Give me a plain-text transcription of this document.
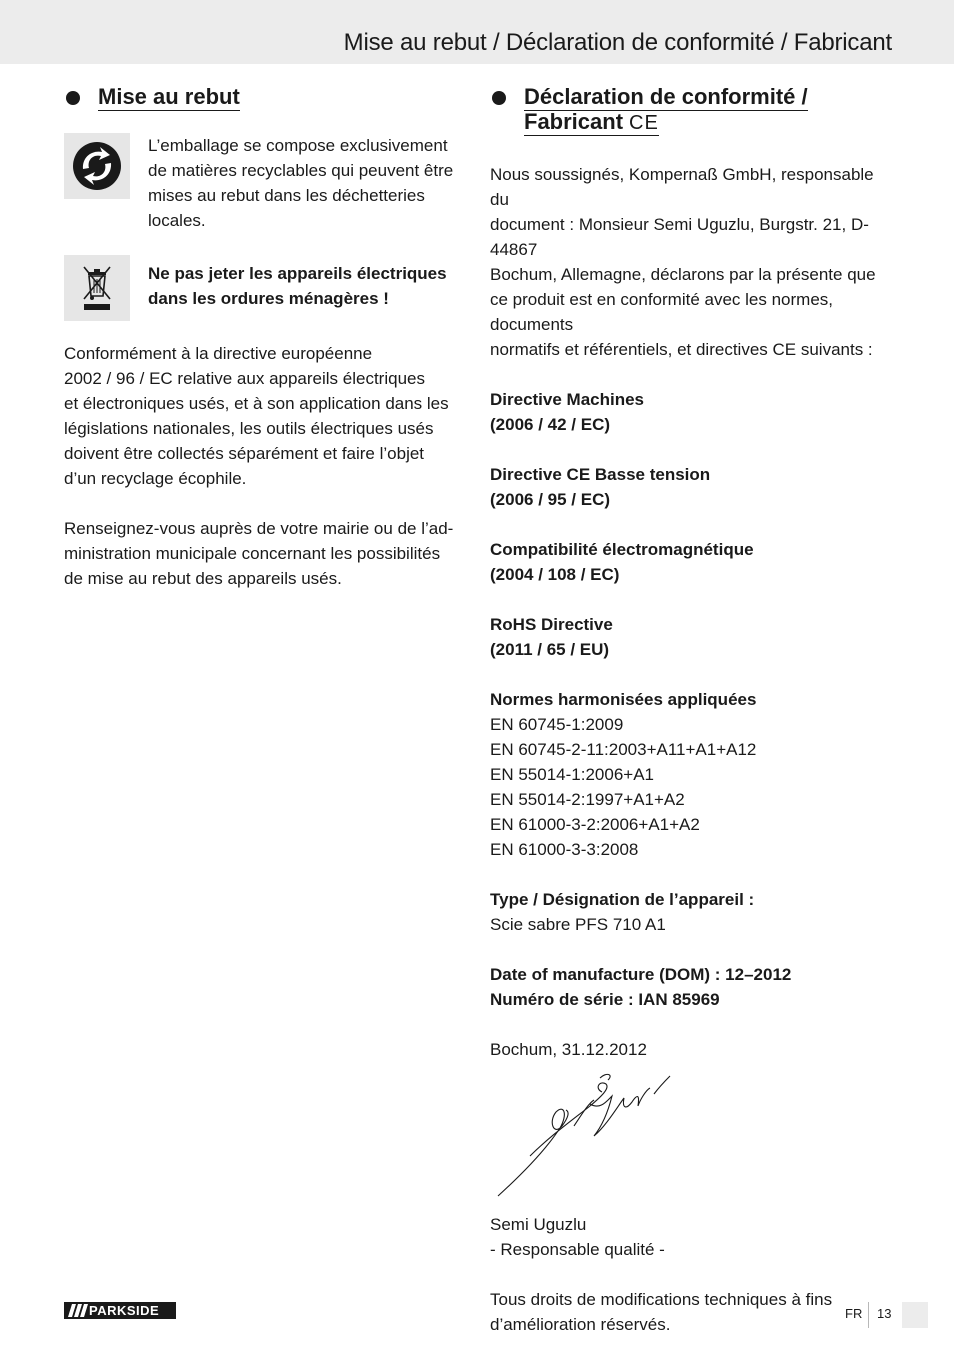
Mise au rebut / Déclaration de conformité / Fabricant
Mise au rebut

L’emballage se compose exclusivement

de matières recyclables qui peuvent être

mises au rebut dans les déchetteries

locales.

Ne pas jeter les appareils électriques

dans les ordures ménagères !

Conformément à la directive européenne

2002 / 96 / EC relative aux appareils électriques

et électroniques usés, et à son application dans les

législations nationales, les outils électriques usés

doivent être collectés séparément et faire l’objet

d’un recyclage écophile.

Renseignez-vous auprès de votre mairie ou de l’ad-

ministration municipale concernant les possibilités

de mise au rebut des appareils usés.

Déclaration de conformité /
Fabricant CE

Nous soussignés, Kompernaß GmbH, responsable du

document : Monsieur Semi Uguzlu, Burgstr. 21, D-44867

Bochum, Allemagne, déclarons par la présente que

ce produit est en conformité avec les normes, documents

normatifs et référentiels, et directives CE suivants :

Directive Machines

(2006 / 42 / EC)

Directive CE Basse tension

(2006 / 95 / EC)

Compatibilité électromagnétique

(2004 / 108 / EC)

RoHS Directive

(2011 / 65 / EU)

Normes harmonisées appliquées

EN 60745-1:2009

EN 60745-2-11:2003+A11+A1+A12

EN 55014-1:2006+A1

EN 55014-2:1997+A1+A2

EN 61000-3-2:2006+A1+A2

EN 61000-3-3:2008

Type / Désignation de l’appareil :

Scie sabre PFS 710 A1

Date of manufacture (DOM) : 12–2012

Numéro de série : IAN 85969

Bochum, 31.12.2012

Semi Uguzlu

- Responsable qualité -

Tous droits de modifications techniques à fins

d’amélioration réservés.

PARKSIDE	FR 13
